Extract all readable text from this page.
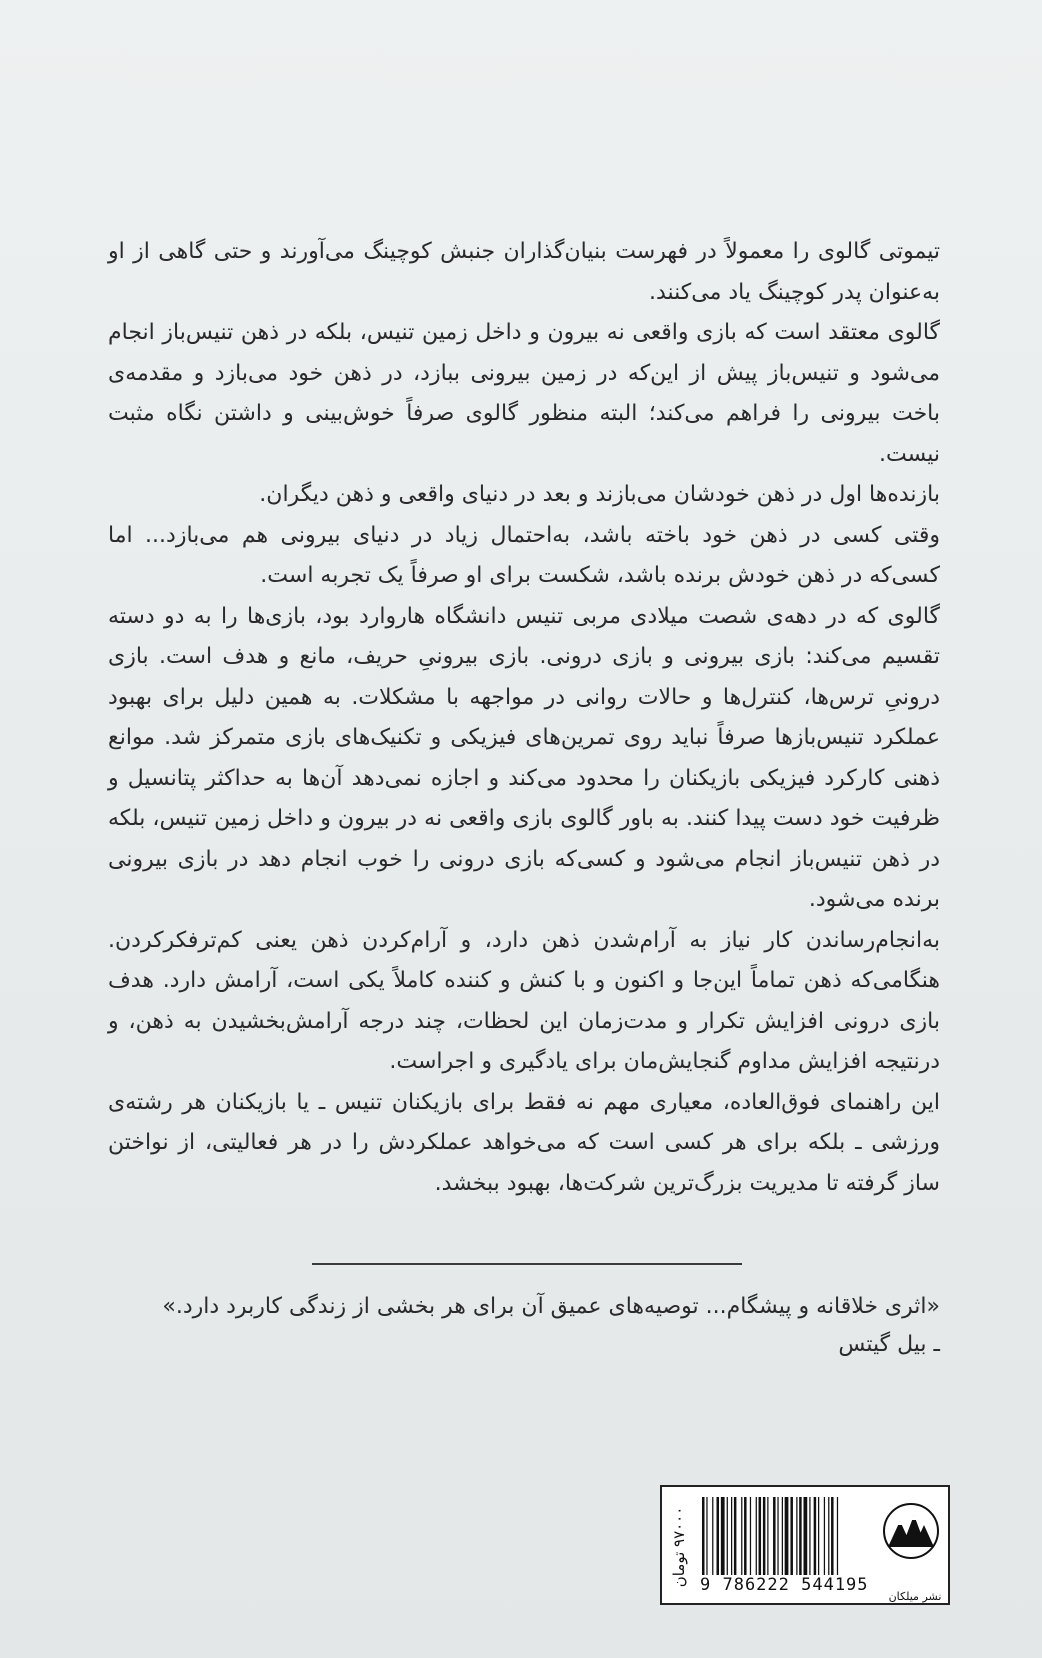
تیموتی گالوی را معمولاً در فهرست بنیان‌گذاران جنبش کوچینگ می‌آورند و حتی گاهی از او به‌عنوان پدر کوچینگ یاد می‌کنند.

گالوی معتقد است که بازی واقعی نه بیرون و داخل زمین تنیس، بلکه در ذهن تنیس‌باز انجام می‌شود و تنیس‌باز پیش از این‌که در زمین بیرونی ببازد، در ذهن خود می‌بازد و مقدمه‌ی باخت بیرونی را فراهم می‌کند؛ البته منظور گالوی صرفاً خوش‌بینی و داشتن نگاه مثبت نیست.

بازنده‌ها اول در ذهن خودشان می‌بازند و بعد در دنیای واقعی و ذهن دیگران.

وقتی کسی در ذهن خود باخته باشد، به‌احتمال زیاد در دنیای بیرونی هم می‌بازد... اما کسی‌که در ذهن خودش برنده باشد، شکست برای او صرفاً یک تجربه است.

گالوی که در دهه‌ی شصت میلادی مربی تنیس دانشگاه هاروارد بود، بازی‌ها را به دو دسته تقسیم می‌کند: بازی بیرونی و بازی درونی. بازی بیرونیِ حریف، مانع و هدف است. بازی درونیِ ترس‌ها، کنترل‌ها و حالات روانی در مواجهه با مشکلات. به همین دلیل برای بهبود عملکرد تنیس‌بازها صرفاً نباید روی تمرین‌های فیزیکی و تکنیک‌های بازی متمرکز شد. موانع ذهنی کارکرد فیزیکی بازیکنان را محدود می‌کند و اجازه نمی‌دهد آن‌ها به حداکثر پتانسیل و ظرفیت خود دست پیدا کنند. به باور گالوی بازی واقعی نه در بیرون و داخل زمین تنیس، بلکه در ذهن تنیس‌باز انجام می‌شود و کسی‌که بازی درونی را خوب انجام دهد در بازی بیرونی برنده می‌شود.

به‌انجام‌رساندن کار نیاز به آرام‌شدن ذهن دارد، و آرام‌کردن ذهن یعنی کم‌ترفکرکردن. هنگامی‌که ذهن تماماً این‌جا و اکنون و با کنش و کننده کاملاً یکی است، آرامش دارد. هدف بازی درونی افزایش تکرار و مدت‌زمان این لحظات، چند درجه آرامش‌بخشیدن به ذهن، و درنتیجه افزایش مداوم گنجایش‌مان برای یادگیری و اجراست.

این راهنمای فوق‌العاده، معیاری مهم نه فقط برای بازیکنان تنیس ـ یا بازیکنان هر رشته‌ی ورزشی ـ بلکه برای هر کسی است که می‌خواهد عملکردش را در هر فعالیتی، از نواختن ساز گرفته تا مدیریت بزرگ‌ترین شرکت‌ها، بهبود ببخشد.

«اثری خلاقانه و پیشگام... توصیه‌های عمیق آن برای هر بخشی از زندگی کاربرد دارد.»

ـ بیل گیتس

۹۷۰۰۰ تومان
9 786222 544195
نشر میلکان
